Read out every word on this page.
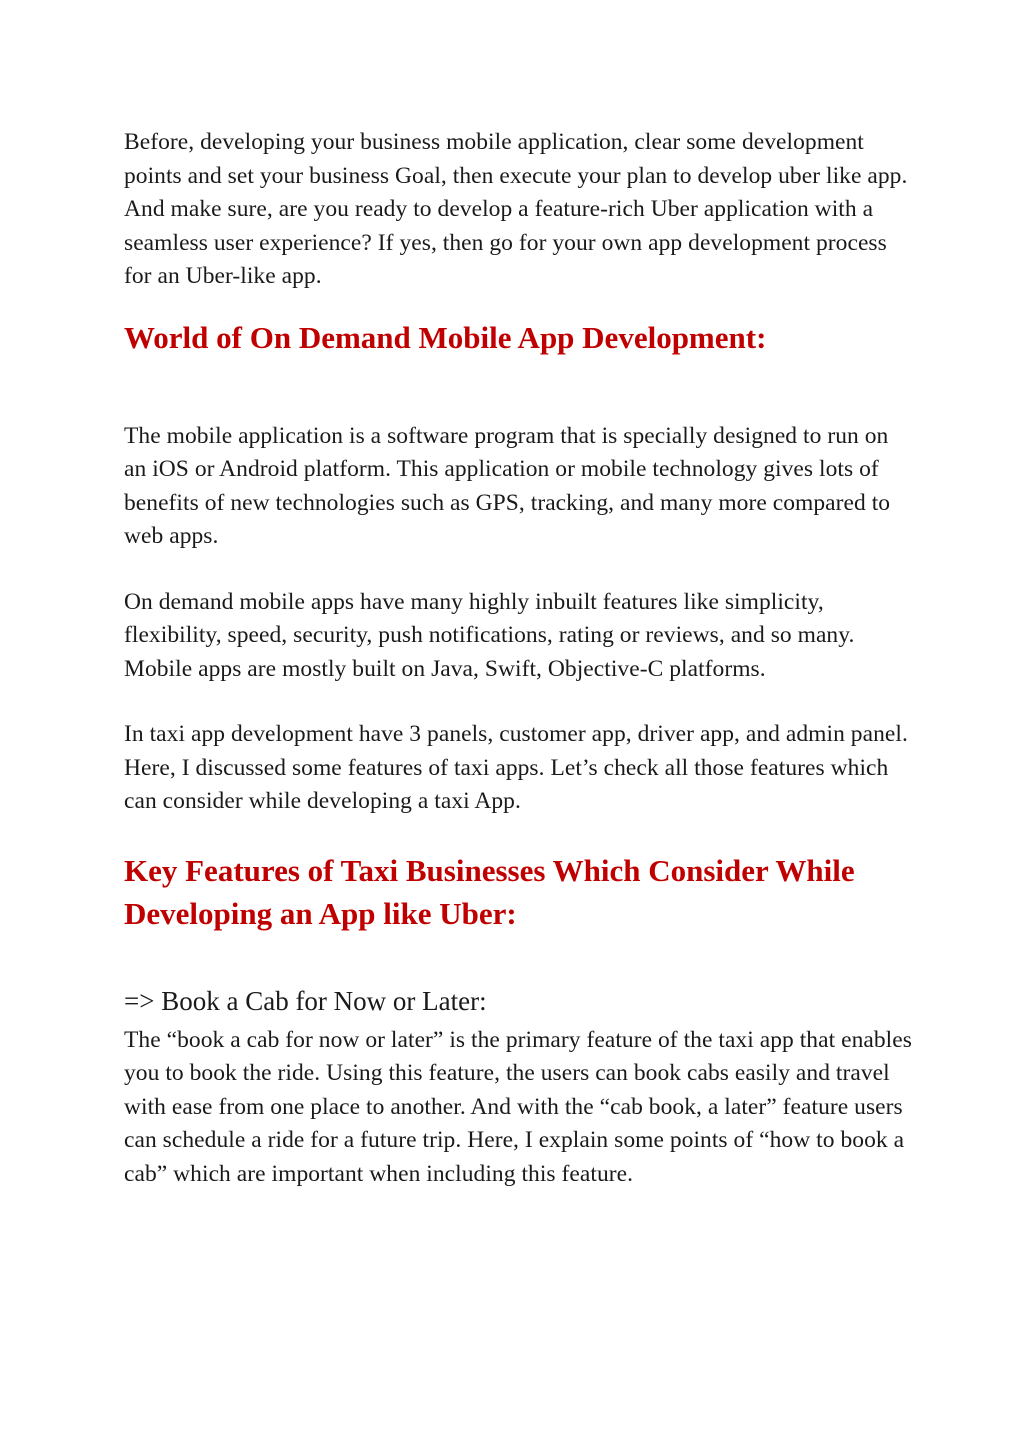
Before, developing your business mobile application, clear some development points and set your business Goal, then execute your plan to develop uber like app. And make sure, are you ready to develop a feature-rich Uber application with a seamless user experience? If yes, then go for your own app development process for an Uber-like app.

World of On Demand Mobile App Development:

The mobile application is a software program that is specially designed to run on an iOS or Android platform. This application or mobile technology gives lots of benefits of new technologies such as GPS, tracking, and many more compared to web apps.

On demand mobile apps have many highly inbuilt features like simplicity, flexibility, speed, security, push notifications, rating or reviews, and so many. Mobile apps are mostly built on Java, Swift, Objective-C platforms.

In taxi app development have 3 panels, customer app, driver app, and admin panel. Here, I discussed some features of taxi apps. Let’s check all those features which can consider while developing a taxi App.

Key Features of Taxi Businesses Which Consider While Developing an App like Uber:
=> Book a Cab for Now or Later:

The “book a cab for now or later” is the primary feature of the taxi app that enables you to book the ride. Using this feature, the users can book cabs easily and travel with ease from one place to another. And with the “cab book, a later” feature users can schedule a ride for a future trip. Here, I explain some points of “how to book a cab” which are important when including this feature.
